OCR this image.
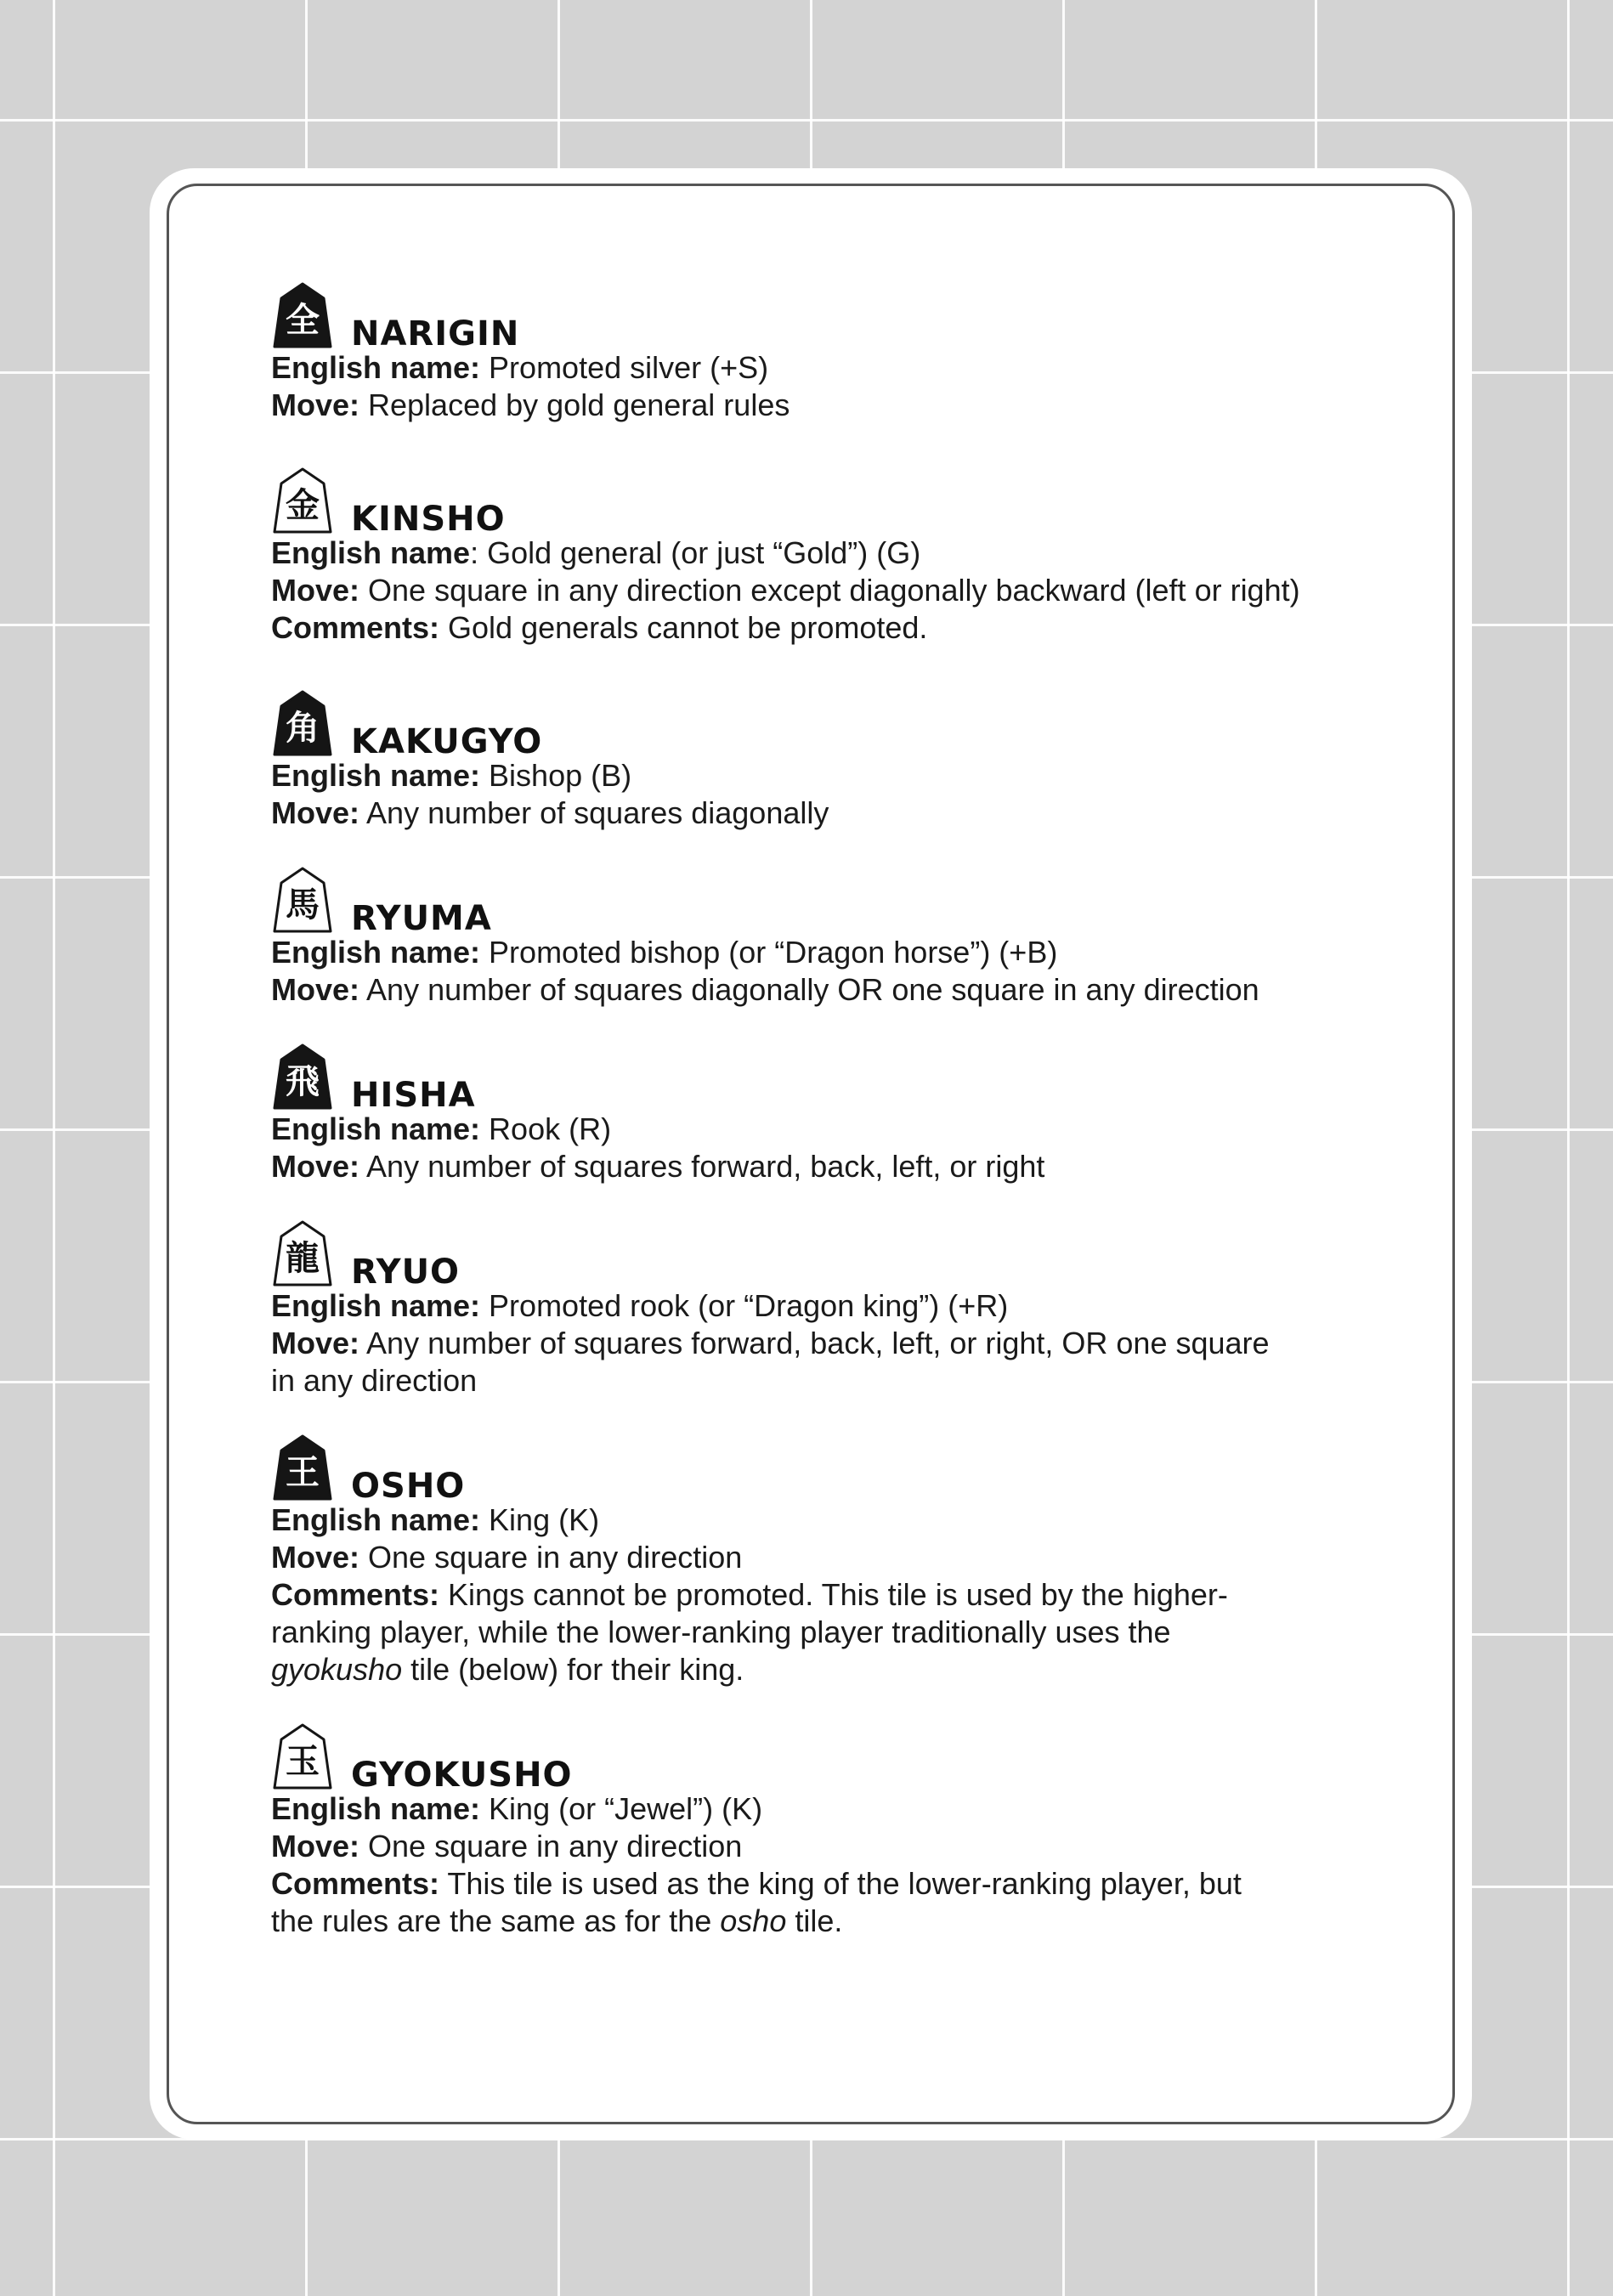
全 NARIGIN
English name: Promoted silver (+S)
Move: Replaced by gold general rules
金 KINSHO
English name: Gold general (or just “Gold”) (G)
Move: One square in any direction except diagonally backward (left or right)
Comments: Gold generals cannot be promoted.
角 KAKUGYO
English name: Bishop (B)
Move: Any number of squares diagonally
馬 RYUMA
English name: Promoted bishop (or “Dragon horse”) (+B)
Move: Any number of squares diagonally OR one square in any direction
飛 HISHA
English name: Rook (R)
Move: Any number of squares forward, back, left, or right
龍 RYUO
English name: Promoted rook (or “Dragon king”) (+R)
Move: Any number of squares forward, back, left, or right, OR one square
in any direction
王 OSHO
English name: King (K)
Move: One square in any direction
Comments: Kings cannot be promoted. This tile is used by the higher-
ranking player, while the lower-ranking player traditionally uses the
gyokusho tile (below) for their king.
玉 GYOKUSHO
English name: King (or “Jewel”) (K)
Move: One square in any direction
Comments: This tile is used as the king of the lower-ranking player, but
the rules are the same as for the osho tile.
